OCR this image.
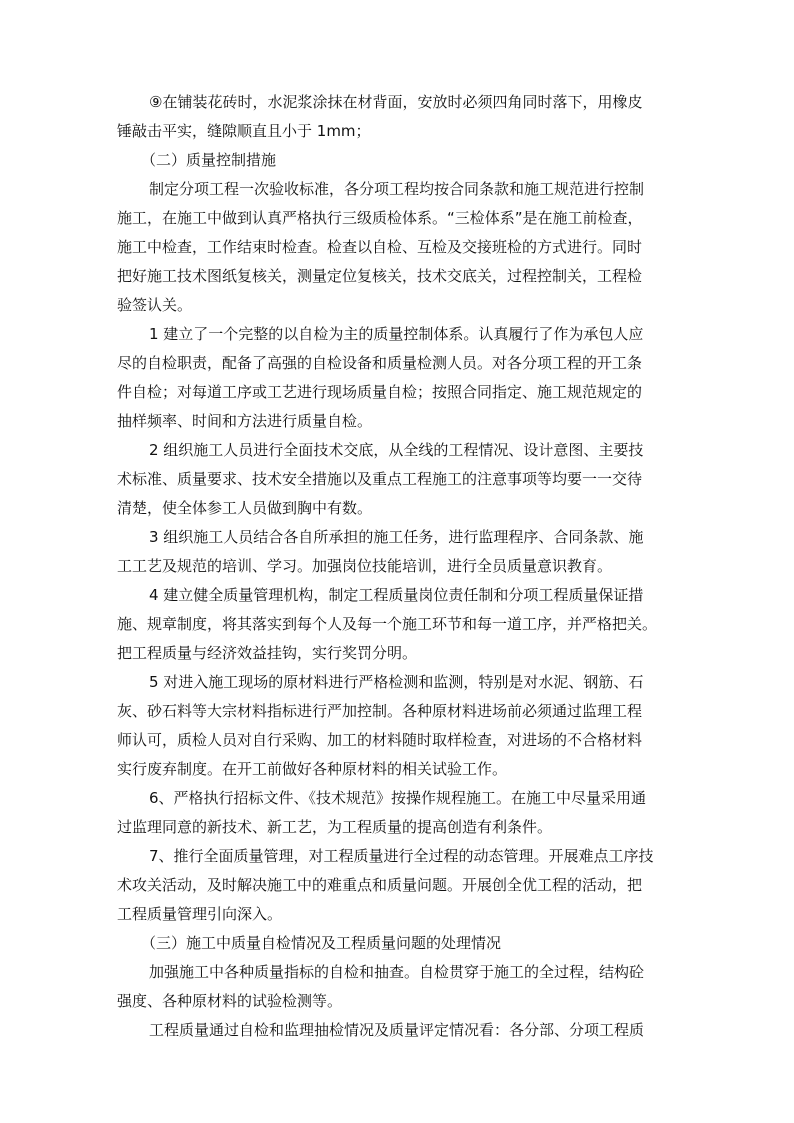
⑨在铺装花砖时，水泥浆涂抹在材背面，安放时必须四角同时落下，用橡皮
锤敲击平实，缝隙顺直且小于 1mm；
（二）质量控制措施
制定分项工程一次验收标准，各分项工程均按合同条款和施工规范进行控制
施工，在施工中做到认真严格执行三级质检体系。“三检体系”是在施工前检查，
施工中检查，工作结束时检查。检查以自检、互检及交接班检的方式进行。同时
把好施工技术图纸复核关，测量定位复核关，技术交底关，过程控制关，工程检
验签认关。
1 建立了一个完整的以自检为主的质量控制体系。认真履行了作为承包人应
尽的自检职责，配备了高强的自检设备和质量检测人员。对各分项工程的开工条
件自检；对每道工序或工艺进行现场质量自检；按照合同指定、施工规范规定的
抽样频率、时间和方法进行质量自检。
2 组织施工人员进行全面技术交底，从全线的工程情况、设计意图、主要技
术标准、质量要求、技术安全措施以及重点工程施工的注意事项等均要一一交待
清楚，使全体参工人员做到胸中有数。
3 组织施工人员结合各自所承担的施工任务，进行监理程序、合同条款、施
工工艺及规范的培训、学习。加强岗位技能培训，进行全员质量意识教育。
4 建立健全质量管理机构，制定工程质量岗位责任制和分项工程质量保证措
施、规章制度，将其落实到每个人及每一个施工环节和每一道工序，并严格把关。
把工程质量与经济效益挂钩，实行奖罚分明。
5 对进入施工现场的原材料进行严格检测和监测，特别是对水泥、钢筋、石
灰、砂石料等大宗材料指标进行严加控制。各种原材料进场前必须通过监理工程
师认可，质检人员对自行采购、加工的材料随时取样检查，对进场的不合格材料
实行废弃制度。在开工前做好各种原材料的相关试验工作。
6、严格执行招标文件、《技术规范》按操作规程施工。在施工中尽量采用通
过监理同意的新技术、新工艺，为工程质量的提高创造有利条件。
7、推行全面质量管理，对工程质量进行全过程的动态管理。开展难点工序技
术攻关活动，及时解决施工中的难重点和质量问题。开展创全优工程的活动，把
工程质量管理引向深入。
（三）施工中质量自检情况及工程质量问题的处理情况
加强施工中各种质量指标的自检和抽查。自检贯穿于施工的全过程，结构砼
强度、各种原材料的试验检测等。
工程质量通过自检和监理抽检情况及质量评定情况看：各分部、分项工程质
